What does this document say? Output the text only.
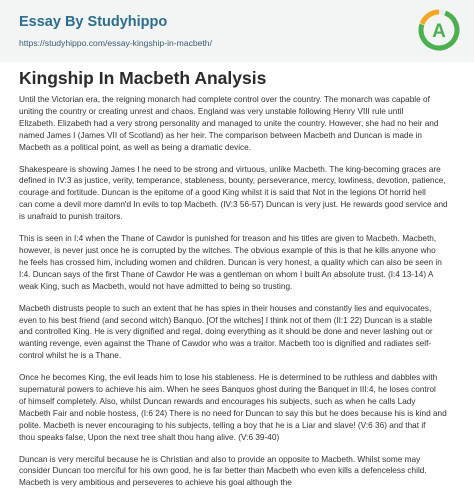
Essay By Studyhippo
https://studyhippo.com/essay-kingship-in-macbeth/
A
Kingship In Macbeth Analysis

Until the Victorian era, the reigning monarch had complete control over the country. The monarch was capable of
uniting the country or creating unrest and chaos. England was very unstable following Henry VIII rule until
Elizabeth. Elizabeth had a very strong personality and managed to unite the country. However, she had no heir and
named James I (James VII of Scotland) as her heir. The comparison between Macbeth and Duncan is made in
Macbeth as a political point, as well as being a dramatic device.

Shakespeare is showing James I he need to be strong and virtuous, unlike Macbeth. The king-becoming graces are
defined in IV:3 as justice, verity, temperance, stableness, bounty, perseverance, mercy, lowliness, devotion, patience,
courage and fortitude. Duncan is the epitome of a good King whilst it is said that Not in the legions Of horrid hell
can come a devil more damn'd In evils to top Macbeth. (IV:3 56-57) Duncan is very just. He rewards good service and
is unafraid to punish traitors.

This is seen in I:4 when the Thane of Cawdor is punished for treason and his titles are given to Macbeth. Macbeth,
however, is never just once he is corrupted by the witches. The obvious example of this is that he kills anyone who
he feels has crossed him, including women and children. Duncan is very honest, a quality which can also be seen in
I:4. Duncan says of the first Thane of Cawdor He was a gentleman on whom I built An absolute trust. (I:4 13-14) A
weak King, such as Macbeth, would not have admitted to being so trusting.

Macbeth distrusts people to such an extent that he has spies in their houses and constantly lies and equivocates,
even to his best friend (and second witch) Banquo. [Of the witches] I think not of them (II:1 22) Duncan is a stable
and controlled King. He is very dignified and regal, doing everything as it should be done and never lashing out or
wanting revenge, even against the Thane of Cawdor who was a traitor. Macbeth too is dignified and radiates self-
control whilst he is a Thane.

Once he becomes King, the evil leads him to lose his stableness. He is determined to be ruthless and dabbles with
supernatural powers to achieve his aim. When he sees Banquos ghost during the Banquet in III:4, he loses control
of himself completely. Also, whilst Duncan rewards and encourages his subjects, such as when he calls Lady
Macbeth Fair and noble hostess, (I:6 24) There is no need for Duncan to say this but he does because his is kind and
polite. Macbeth is never encouraging to his subjects, telling a boy that he is a Liar and slave! (V:6 36) and that if
thou speaks false, Upon the next tree shalt thou hang alive. (V:6 39-40)

Duncan is very merciful because he is Christian and also to provide an opposite to Macbeth. Whilst some may
consider Duncan too merciful for his own good, he is far better than Macbeth who even kills a defenceless child.
Macbeth is very ambitious and perseveres to achieve his goal although the
